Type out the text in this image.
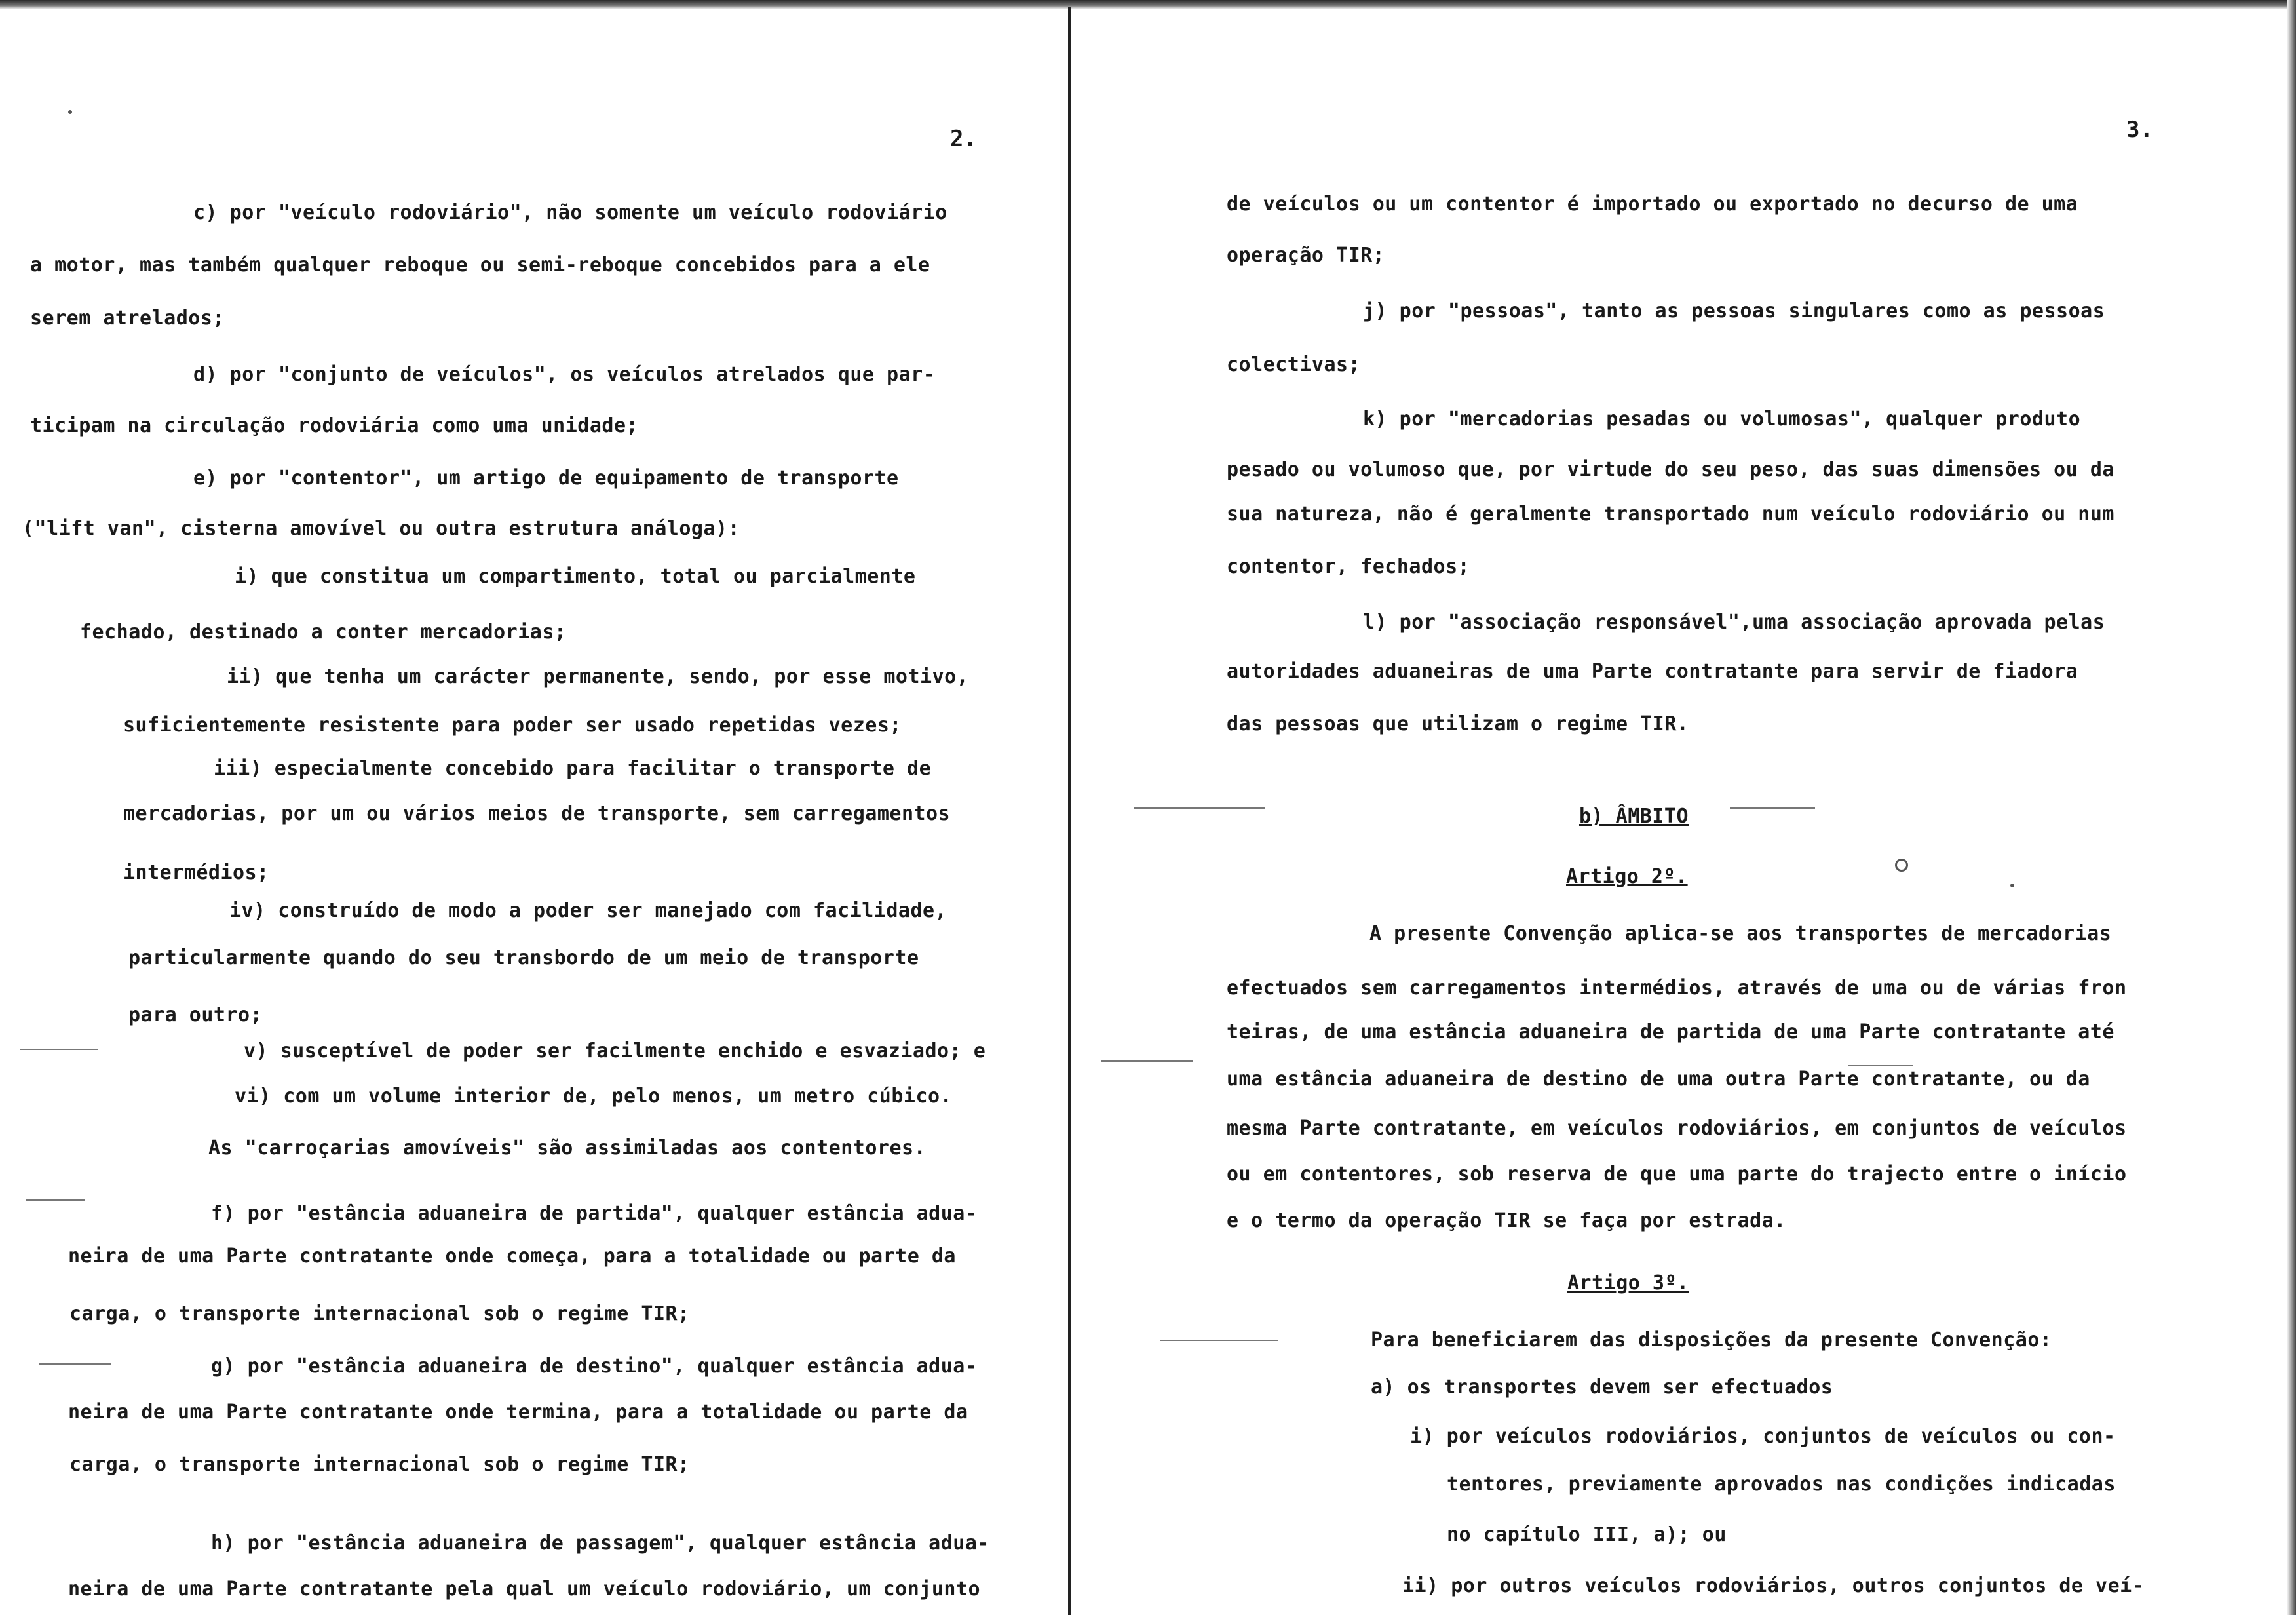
2.

c) por "veículo rodoviário", não somente um veículo rodoviário

a motor, mas também qualquer reboque ou semi-reboque concebidos para a ele

serem atrelados;

d) por "conjunto de veículos", os veículos atrelados que par-

ticipam na circulação rodoviária como uma unidade;

e) por "contentor", um artigo de equipamento de transporte

("lift van", cisterna amovível ou outra estrutura análoga):

i) que constitua um compartimento, total ou parcialmente

fechado, destinado a conter mercadorias;

ii) que tenha um carácter permanente, sendo, por esse motivo,

suficientemente resistente para poder ser usado repetidas vezes;

iii) especialmente concebido para facilitar o transporte de

mercadorias, por um ou vários meios de transporte, sem carregamentos

intermédios;

iv) construído de modo a poder ser manejado com facilidade,

particularmente quando do seu transbordo de um meio de transporte

para outro;

v) susceptível de poder ser facilmente enchido e esvaziado; e

vi) com um volume interior de, pelo menos, um metro cúbico.

As "carroçarias amovíveis" são assimiladas aos contentores.

f) por "estância aduaneira de partida", qualquer estância adua-

neira de uma Parte contratante onde começa, para a totalidade ou parte da

carga, o transporte internacional sob o regime TIR;

g) por "estância aduaneira de destino", qualquer estância adua-

neira de uma Parte contratante onde termina, para a totalidade ou parte da

carga, o transporte internacional sob o regime TIR;

h) por "estância aduaneira de passagem", qualquer estância adua-

neira de uma Parte contratante pela qual um veículo rodoviário, um conjunto

3.

de veículos ou um contentor é importado ou exportado no decurso de uma

operação TIR;

j) por "pessoas", tanto as pessoas singulares como as pessoas

colectivas;

k) por "mercadorias pesadas ou volumosas", qualquer produto

pesado ou volumoso que, por virtude do seu peso, das suas dimensões ou da

sua natureza, não é geralmente transportado num veículo rodoviário ou num

contentor, fechados;

l) por "associação responsável",uma associação aprovada pelas

autoridades aduaneiras de uma Parte contratante para servir de fiadora

das pessoas que utilizam o regime TIR.

b) ÂMBITO

Artigo 2º.

A presente Convenção aplica-se aos transportes de mercadorias

efectuados sem carregamentos intermédios, através de uma ou de várias fron

teiras, de uma estância aduaneira de partida de uma Parte contratante até

uma estância aduaneira de destino de uma outra Parte contratante, ou da

mesma Parte contratante, em veículos rodoviários, em conjuntos de veículos

ou em contentores, sob reserva de que uma parte do trajecto entre o início

e o termo da operação TIR se faça por estrada.

Artigo 3º.

Para beneficiarem das disposições da presente Convenção:

a) os transportes devem ser efectuados

i) por veículos rodoviários, conjuntos de veículos ou con-

tentores, previamente aprovados nas condições indicadas

no capítulo III, a); ou

ii) por outros veículos rodoviários, outros conjuntos de veí-
